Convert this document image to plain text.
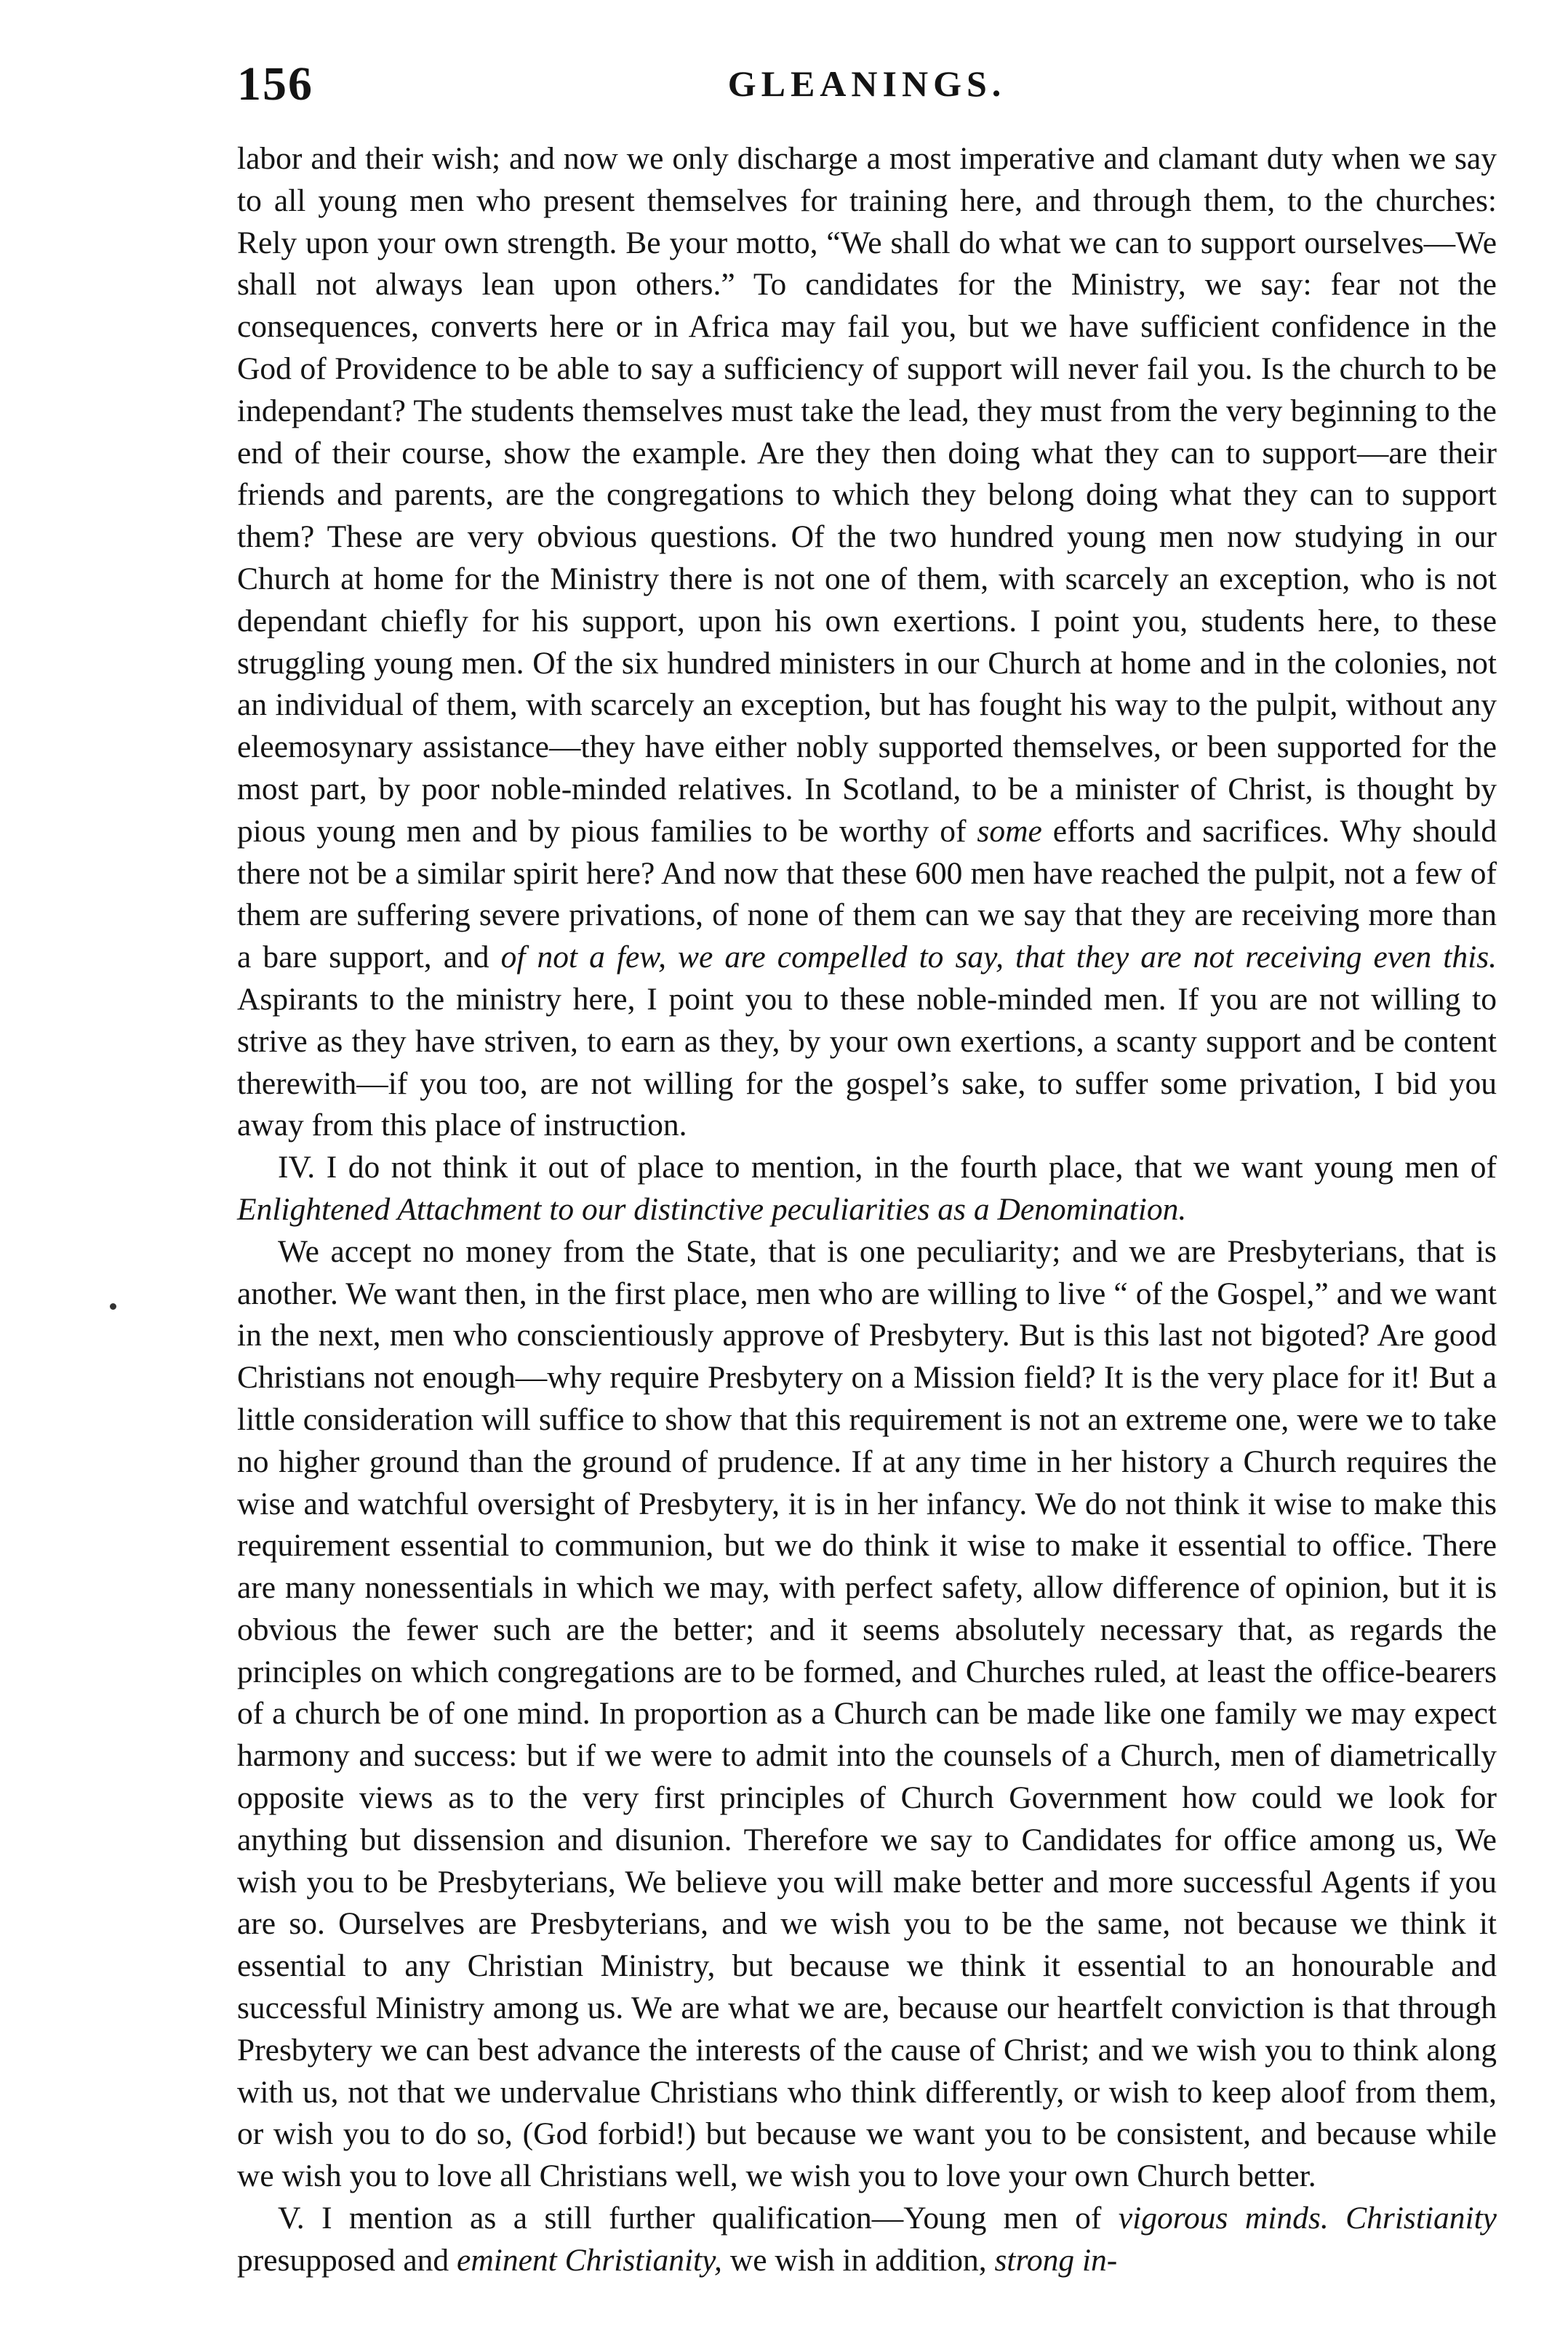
156	GLEANINGS.

labor and their wish; and now we only discharge a most imperative and clamant duty when we say to all young men who present themselves for training here, and through them, to the churches: Rely upon your own strength. Be your motto, “We shall do what we can to support ourselves—We shall not always lean upon others.” To candidates for the Ministry, we say: fear not the consequences, converts here or in Africa may fail you, but we have sufficient confidence in the God of Providence to be able to say a sufficiency of support will never fail you. Is the church to be independant? The students themselves must take the lead, they must from the very beginning to the end of their course, show the example. Are they then doing what they can to support—are their friends and parents, are the congregations to which they belong doing what they can to support them? These are very obvious questions. Of the two hundred young men now studying in our Church at home for the Ministry there is not one of them, with scarcely an exception, who is not dependant chiefly for his support, upon his own exertions. I point you, students here, to these struggling young men. Of the six hundred ministers in our Church at home and in the colonies, not an individual of them, with scarcely an exception, but has fought his way to the pulpit, without any eleemosynary assistance—they have either nobly supported themselves, or been supported for the most part, by poor noble-minded relatives. In Scotland, to be a minister of Christ, is thought by pious young men and by pious families to be worthy of some efforts and sacrifices. Why should there not be a similar spirit here? And now that these 600 men have reached the pulpit, not a few of them are suffering severe privations, of none of them can we say that they are receiving more than a bare support, and of not a few, we are compelled to say, that they are not receiving even this. Aspirants to the ministry here, I point you to these noble-minded men. If you are not willing to strive as they have striven, to earn as they, by your own exertions, a scanty support and be content therewith—if you too, are not willing for the gospel’s sake, to suffer some privation, I bid you away from this place of instruction.

IV. I do not think it out of place to mention, in the fourth place, that we want young men of Enlightened Attachment to our distinctive peculiarities as a Denomination.

We accept no money from the State, that is one peculiarity; and we are Presbyterians, that is another. We want then, in the first place, men who are willing to live “ of the Gospel,” and we want in the next, men who conscientiously approve of Presbytery. But is this last not bigoted? Are good Christians not enough—why require Presbytery on a Mission field? It is the very place for it! But a little consideration will suffice to show that this requirement is not an extreme one, were we to take no higher ground than the ground of prudence. If at any time in her history a Church requires the wise and watchful oversight of Presbytery, it is in her infancy. We do not think it wise to make this requirement essential to communion, but we do think it wise to make it essential to office. There are many nonessentials in which we may, with perfect safety, allow difference of opinion, but it is obvious the fewer such are the better; and it seems absolutely necessary that, as regards the principles on which congregations are to be formed, and Churches ruled, at least the office-bearers of a church be of one mind. In proportion as a Church can be made like one family we may expect harmony and success: but if we were to admit into the counsels of a Church, men of diametrically opposite views as to the very first principles of Church Government how could we look for anything but dissension and disunion. Therefore we say to Candidates for office among us, We wish you to be Presbyterians, We believe you will make better and more successful Agents if you are so. Ourselves are Presbyterians, and we wish you to be the same, not because we think it essential to any Christian Ministry, but because we think it essential to an honourable and successful Ministry among us. We are what we are, because our heartfelt conviction is that through Presbytery we can best advance the interests of the cause of Christ; and we wish you to think along with us, not that we undervalue Christians who think differently, or wish to keep aloof from them, or wish you to do so, (God forbid!) but because we want you to be consistent, and because while we wish you to love all Christians well, we wish you to love your own Church better.

V. I mention as a still further qualification—Young men of vigorous minds. Christianity presupposed and eminent Christianity, we wish in addition, strong in-
